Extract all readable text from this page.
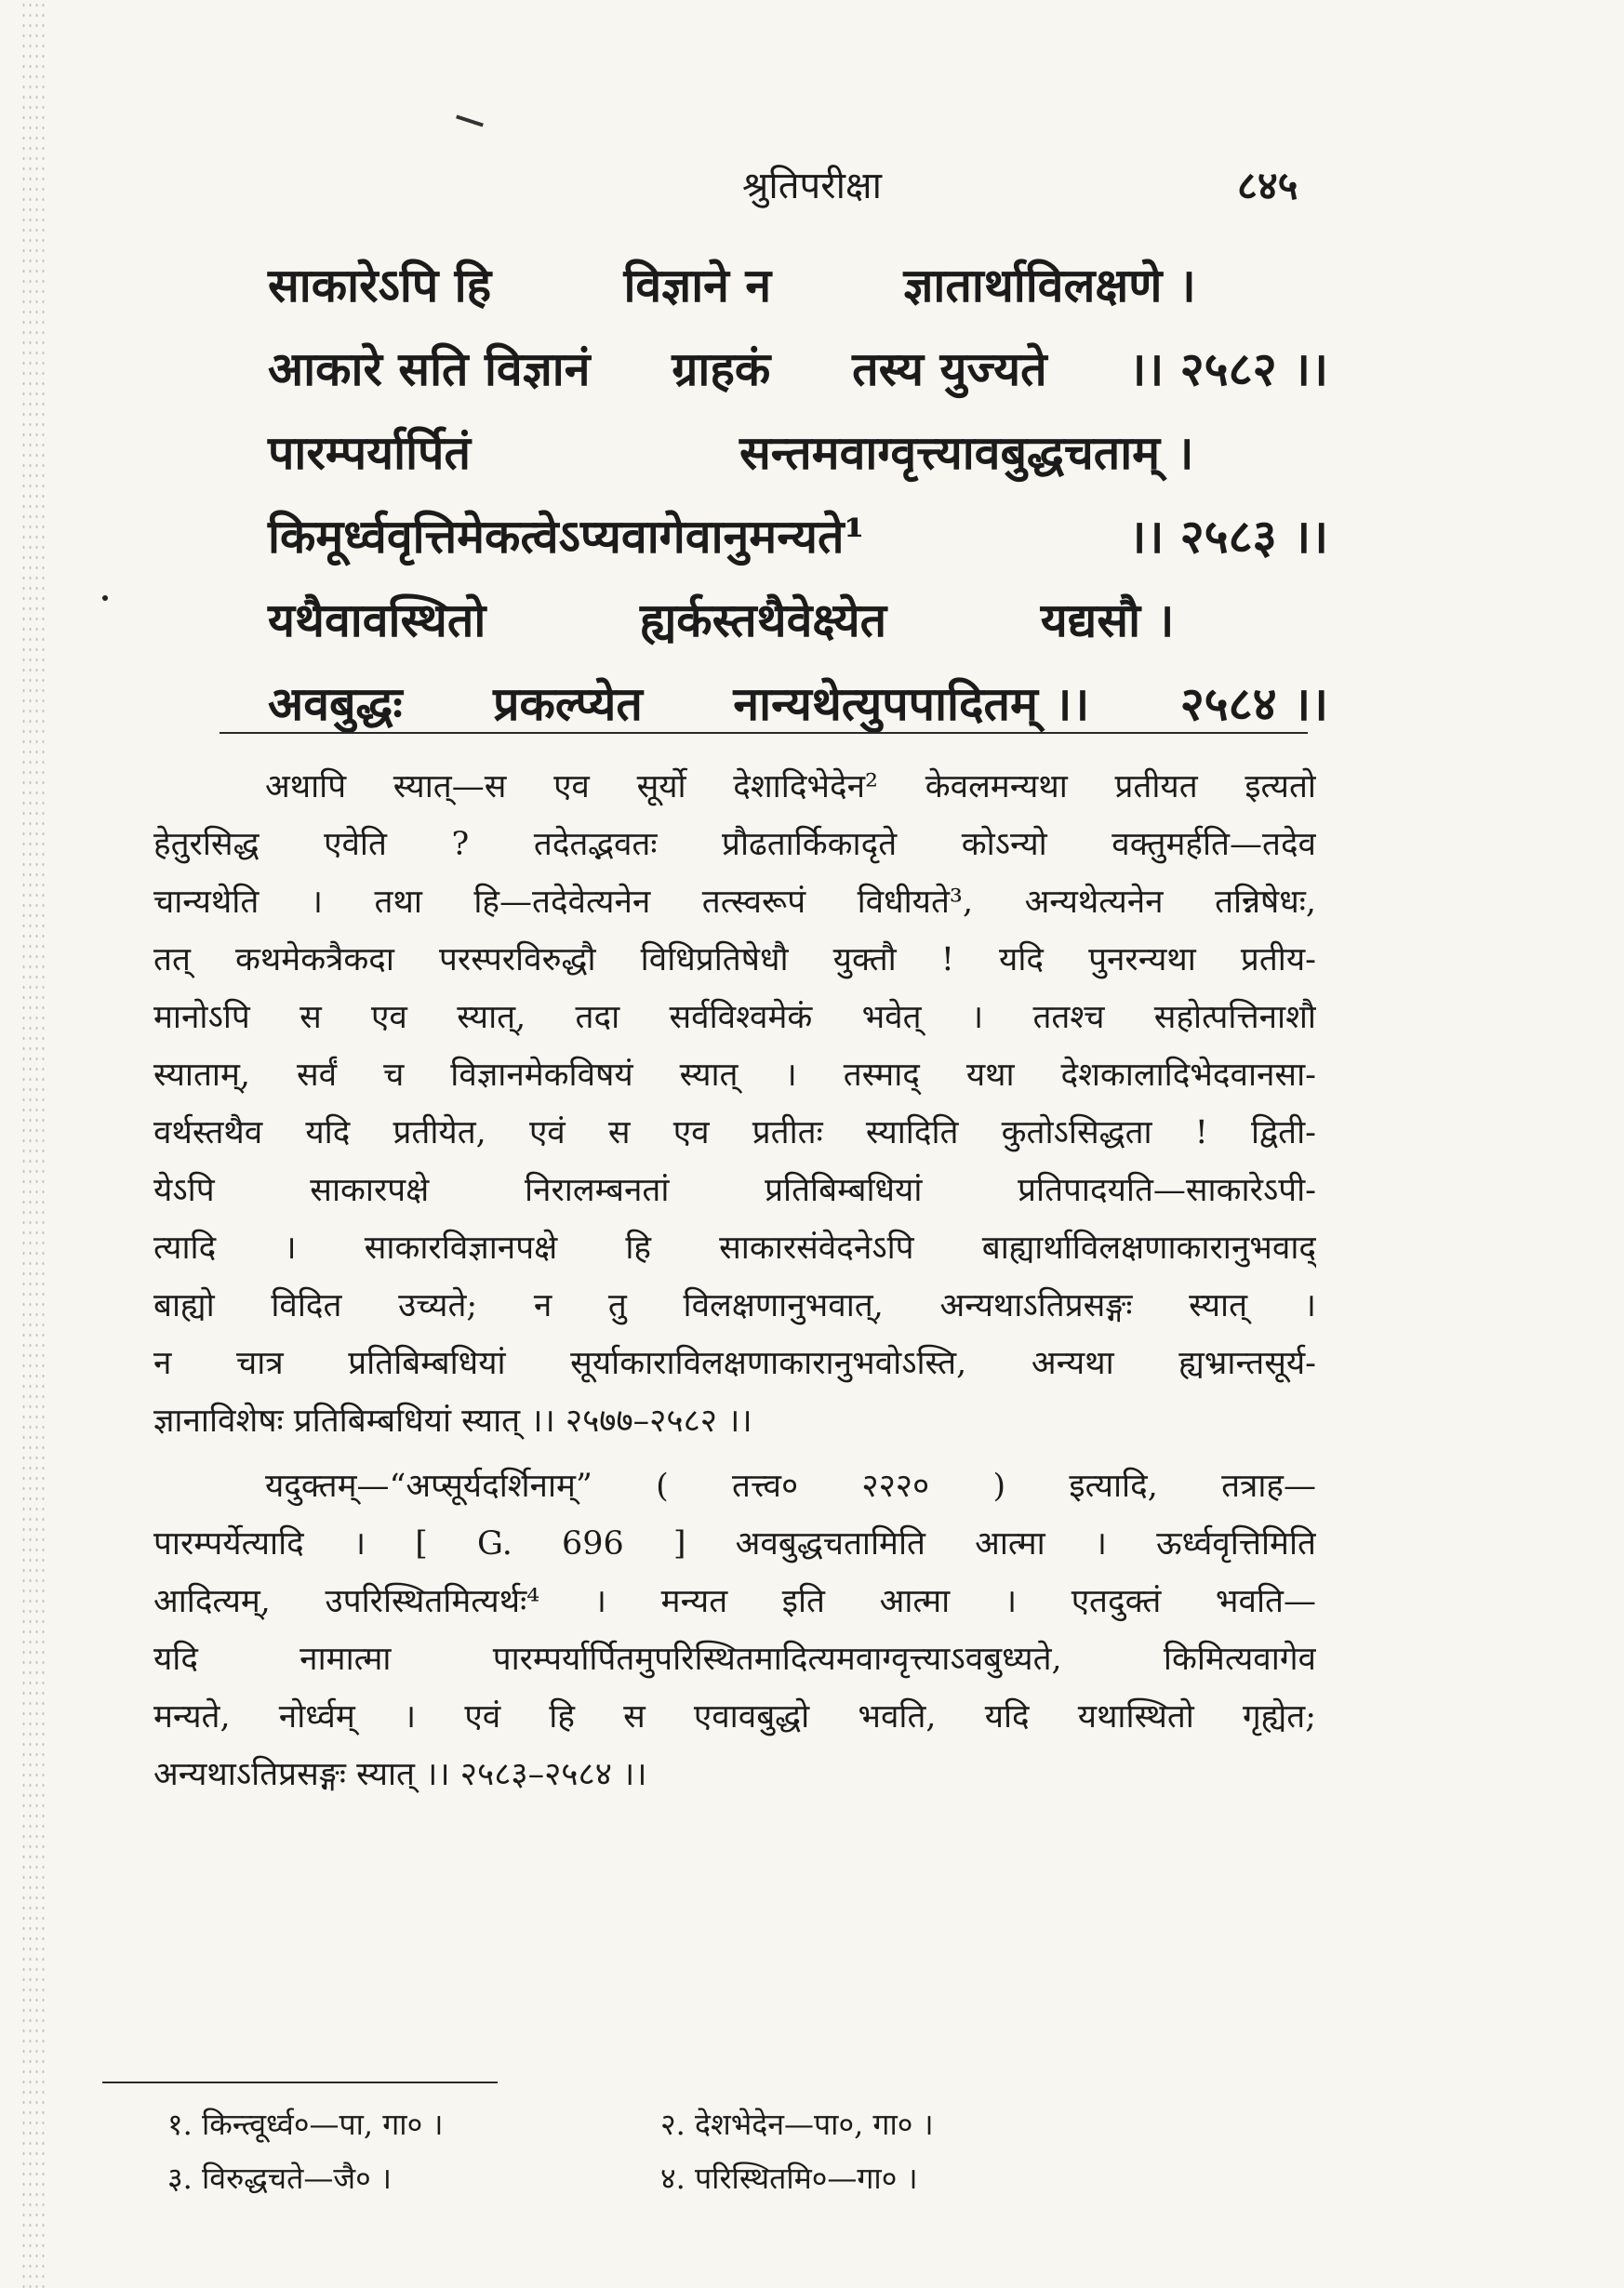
श्रुतिपरीक्षा	८४५
साकारेऽपि हि	विज्ञाने न	ज्ञातार्थाविलक्षणे ।
आकारे सति विज्ञानं ग्राहकं तस्य युज्यते ।। २५८२ ।।
पारम्पर्यार्पितं	सन्तमवाग्वृत्त्यावबुद्धचताम् ।
किमूर्ध्ववृत्तिमेकत्वेऽप्यवागेवानुमन्यते¹	।। २५८३ ।।
यथैवावस्थितो	ह्यर्कस्तथैवेक्ष्येत	यद्यसौ ।
अवबुद्धः प्रकल्प्येत नान्यथेत्युपपादितम् ।। २५८४ ।।
अथापि स्यात्—स एव सूर्यो देशादिभेदेन² केवलमन्यथा प्रतीयत इत्यतो
हेतुरसिद्ध एवेति ? तदेतद्भवतः प्रौढतार्किकादृते कोऽन्यो वक्तुमर्हति—तदेव
चान्यथेति । तथा हि—तदेवेत्यनेन तत्स्वरूपं विधीयते³, अन्यथेत्यनेन तन्निषेधः,
तत् कथमेकत्रैकदा परस्परविरुद्धौ विधिप्रतिषेधौ युक्तौ ! यदि पुनरन्यथा प्रतीय-
मानोऽपि स एव स्यात्, तदा सर्वविश्वमेकं भवेत् । ततश्च सहोत्पत्तिनाशौ
स्याताम्, सर्वं च विज्ञानमेकविषयं स्यात् । तस्माद् यथा देशकालादिभेदवानसा-
वर्थस्तथैव यदि प्रतीयेत, एवं स एव प्रतीतः स्यादिति कुतोऽसिद्धता ! द्विती-
येऽपि साकारपक्षे निरालम्बनतां प्रतिबिम्बधियां प्रतिपादयति—साकारेऽपी-
त्यादि । साकारविज्ञानपक्षे हि साकारसंवेदनेऽपि बाह्यार्थाविलक्षणाकारानुभवाद्
बाह्यो विदित उच्यते; न तु विलक्षणानुभवात्, अन्यथाऽतिप्रसङ्गः स्यात् ।
न चात्र प्रतिबिम्बधियां सूर्याकाराविलक्षणाकारानुभवोऽस्ति, अन्यथा ह्यभ्रान्तसूर्य-
ज्ञानाविशेषः प्रतिबिम्बधियां स्यात् ।। २५७७–२५८२ ।।
यदुक्तम्—“अप्सूर्यदर्शिनाम्” ( तत्त्व० २२२० ) इत्यादि, तत्राह—
पारम्पर्येत्यादि । [ G. 696 ] अवबुद्धचतामिति आत्मा । ऊर्ध्ववृत्तिमिति
आदित्यम्, उपरिस्थितमित्यर्थः⁴ । मन्यत इति आत्मा । एतदुक्तं भवति—
यदि नामात्मा पारम्पर्यार्पितमुपरिस्थितमादित्यमवाग्वृत्त्याऽवबुध्यते, किमित्यवागेव
मन्यते, नोर्ध्वम् । एवं हि स एवावबुद्धो भवति, यदि यथास्थितो गृह्येत;
अन्यथाऽतिप्रसङ्गः स्यात् ।। २५८३–२५८४ ।।
१. किन्त्वूर्ध्व०—पा, गा० ।	२. देशभेदेन—पा०, गा० ।
३. विरुद्धचते—जै० ।	४. परिस्थितमि०—गा० ।
